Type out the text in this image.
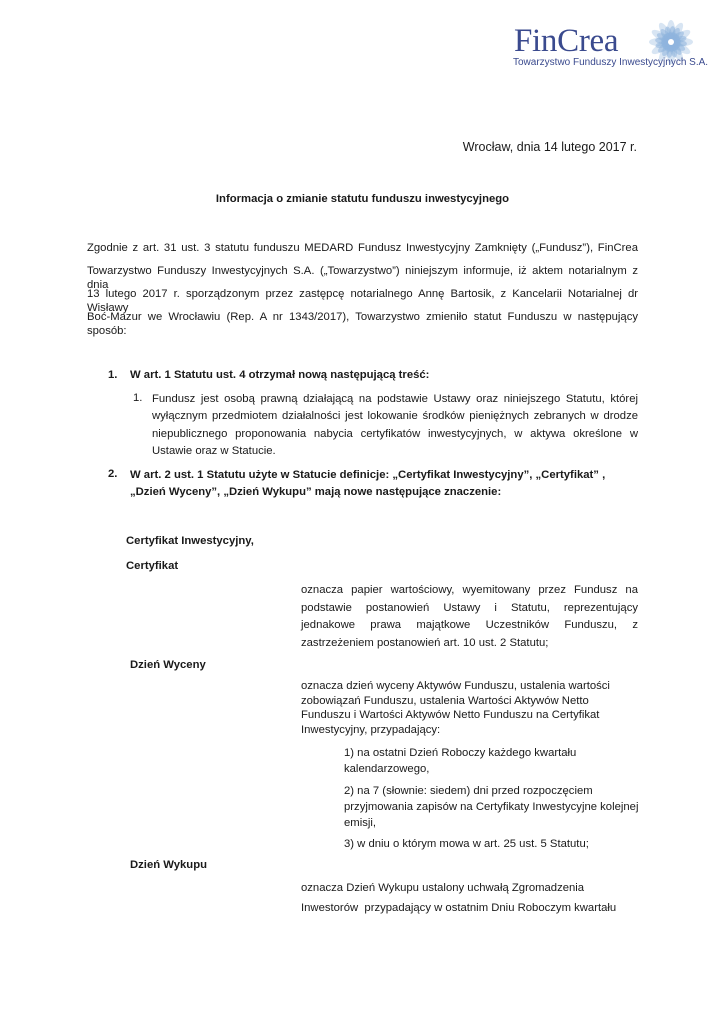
FinCrea
Towarzystwo Funduszy Inwestycyjnych S.A.
Wrocław, dnia 14 lutego 2017 r.
Informacja o zmianie statutu funduszu inwestycyjnego

Zgodnie z art. 31 ust. 3 statutu funduszu MEDARD Fundusz Inwestycyjny Zamknięty („Fundusz”), FinCrea

Towarzystwo Funduszy Inwestycyjnych S.A. („Towarzystwo”) niniejszym informuje, iż aktem notarialnym z dnia

13 lutego 2017 r. sporządzonym przez zastępcę notarialnego Annę Bartosik, z Kancelarii Notarialnej dr Wisławy

Boć-Mazur we Wrocławiu (Rep. A nr 1343/2017), Towarzystwo zmieniło statut Funduszu w następujący sposób:

1. W art. 1 Statutu ust. 4 otrzymał nową następującą treść:
1. Fundusz jest osobą prawną działającą na podstawie Ustawy oraz niniejszego Statutu, której wyłącznym przedmiotem działalności jest lokowanie środków pieniężnych zebranych w drodze niepublicznego proponowania nabycia certyfikatów inwestycyjnych, w aktywa określone w Ustawie oraz w Statucie.
2. W art. 2 ust. 1 Statutu użyte w Statucie definicje: „Certyfikat Inwestycyjny”, „Certyfikat” , „Dzień Wyceny”, „Dzień Wykupu” mają nowe następujące znaczenie:
Certyfikat Inwestycyjny,
Certyfikat
oznacza papier wartościowy, wyemitowany przez Fundusz na podstawie postanowień Ustawy i Statutu, reprezentujący jednakowe prawa majątkowe Uczestników Funduszu, z zastrzeżeniem postanowień art. 10 ust. 2 Statutu;
Dzień Wyceny
oznacza dzień wyceny Aktywów Funduszu, ustalenia wartości zobowiązań Funduszu, ustalenia Wartości Aktywów Netto Funduszu i Wartości Aktywów Netto Funduszu na Certyfikat Inwestycyjny, przypadający:
1) na ostatni Dzień Roboczy każdego kwartału kalendarzowego,
2) na 7 (słownie: siedem) dni przed rozpoczęciem przyjmowania zapisów na Certyfikaty Inwestycyjne kolejnej emisji,
3) w dniu o którym mowa w art. 25 ust. 5 Statutu;
Dzień Wykupu
oznacza Dzień Wykupu ustalony uchwałą Zgromadzenia
Inwestorów  przypadający w ostatnim Dniu Roboczym kwartału
